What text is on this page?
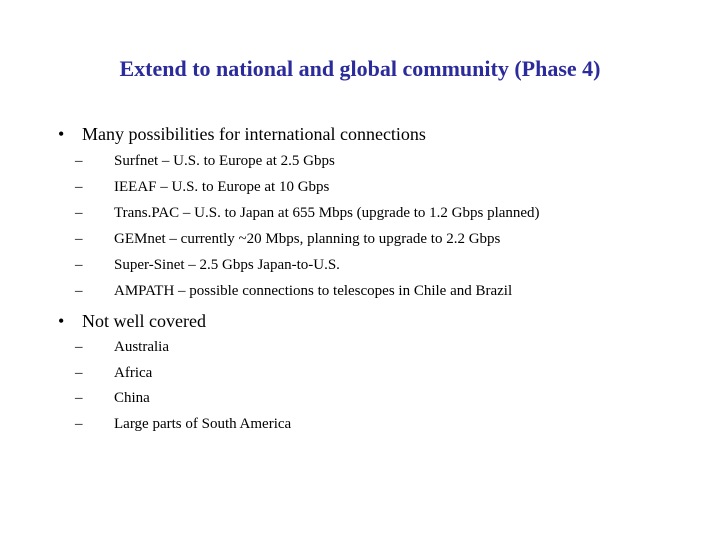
Extend to national and global community (Phase 4)
• Many possibilities for international connections
– Surfnet – U.S. to Europe at 2.5 Gbps
– IEEAF – U.S. to Europe at 10 Gbps
– Trans.PAC – U.S. to Japan at 655 Mbps (upgrade to 1.2 Gbps planned)
– GEMnet – currently ~20 Mbps, planning to upgrade to 2.2 Gbps
– Super-Sinet – 2.5 Gbps Japan-to-U.S.
– AMPATH – possible connections to telescopes in Chile and Brazil
• Not well covered
– Australia
– Africa
– China
– Large parts of South America
